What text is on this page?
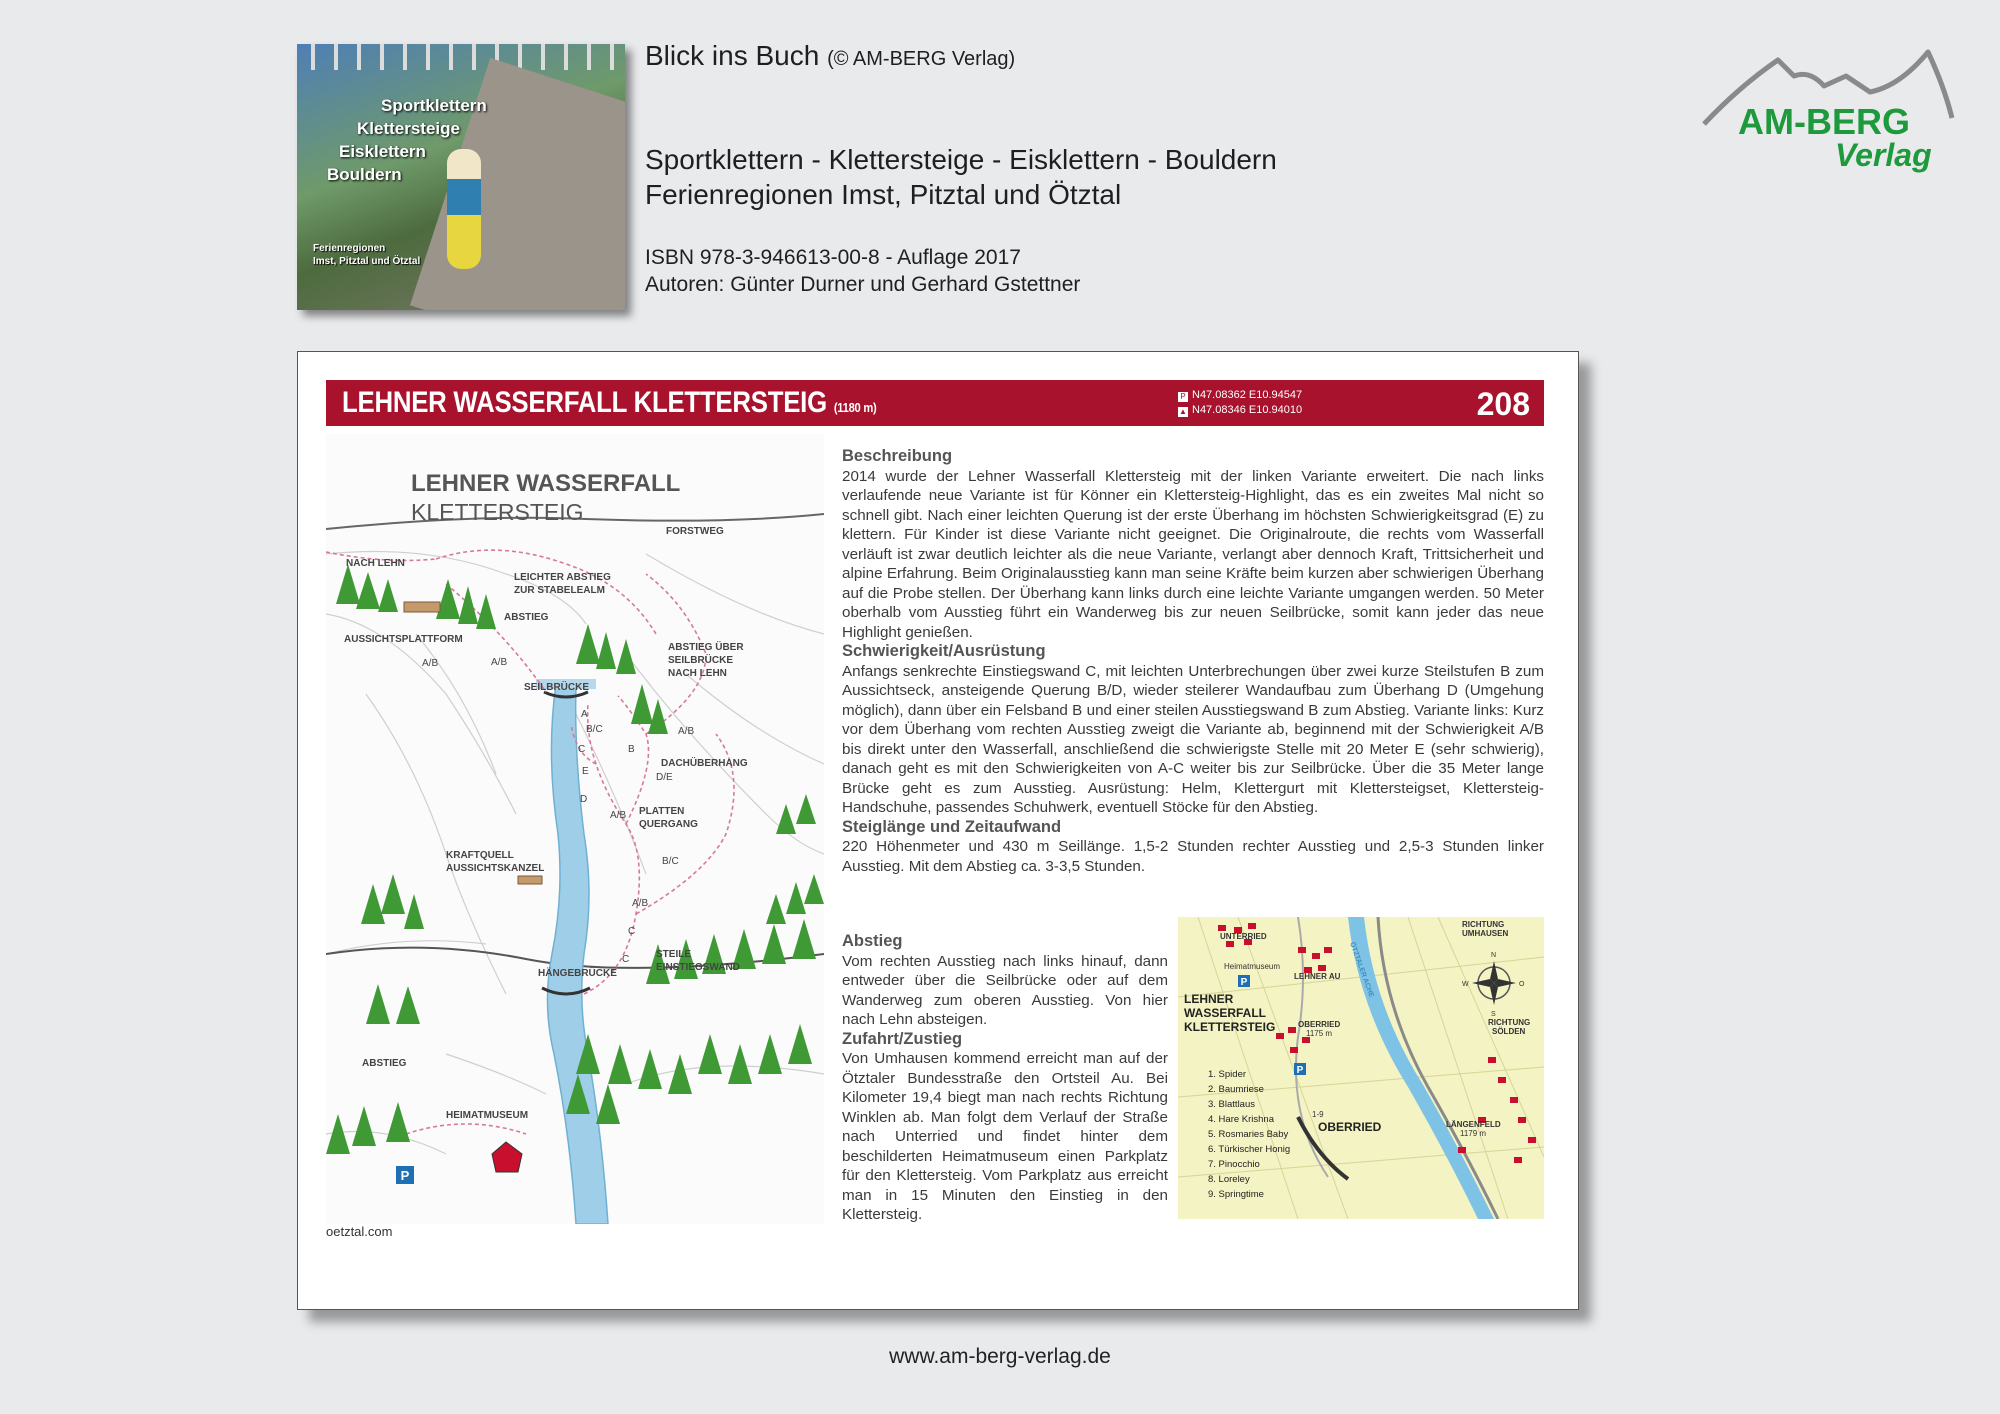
Sportklettern
Klettersteige
Eisklettern
Bouldern
Ferienregionen
Imst, Pitztal und Ötztal
Blick ins Buch (© AM-BERG Verlag)
Sportklettern - Klettersteige - Eisklettern - Bouldern
Ferienregionen Imst, Pitztal und Ötztal
ISBN 978-3-946613-00-8 - Auflage 2017
Autoren: Günter Durner und Gerhard Gstettner
AM-BERG
Verlag
LEHNER WASSERFALL KLETTERSTEIG (1180 m)
P N47.08362 E10.94547
▲ N47.08346 E10.94010	208
P
LEHNER WASSERFALL
KLETTERSTEIG
FORSTWEG
NACH LEHN
LEICHTER ABSTIEG
ZUR STABELEALM
ABSTIEG
AUSSICHTSPLATTFORM
ABSTIEG ÜBER
SEILBRÜCKE
NACH LEHN
SEILBRÜCKE
DACHÜBERHANG
PLATTEN
QUERGANG
KRAFTQUELL
AUSSICHTSKANZEL
STEILE
EINSTIEGSWAND
HÄNGEBRÜCKE
ABSTIEG
HEIMATMUSEUM
A/B
A
B/C
C
E
D
A/B
B
A/B
D/E
B/C
A/B
C
C
A/B
oetztal.com
Beschreibung

2014 wurde der Lehner Wasserfall Klettersteig mit der linken Variante erweitert. Die nach links verlaufende neue Variante ist für Könner ein Klettersteig-Highlight, das es ein zweites Mal nicht so schnell gibt. Nach einer leichten Querung ist der erste Überhang im höchsten Schwierigkeitsgrad (E) zu klettern. Für Kinder ist diese Variante nicht geeignet. Die Originalroute, die rechts vom Wasserfall verläuft ist zwar deutlich leichter als die neue Variante, verlangt aber dennoch Kraft, Trittsicherheit und alpine Erfahrung. Beim Originalausstieg kann man seine Kräfte beim kurzen aber schwierigen Überhang auf die Probe stellen. Der Überhang kann links durch eine leichte Variante umgangen werden. 50 Meter oberhalb vom Ausstieg führt ein Wanderweg bis zur neuen Seilbrücke, somit kann jeder das neue Highlight genießen.

Schwierigkeit/Ausrüstung

Anfangs senkrechte Einstiegswand C, mit leichten Unterbrechungen über zwei kurze Steilstufen B zum Aussichtseck, ansteigende Querung B/D, wieder steilerer Wandaufbau zum Überhang D (Umgehung möglich), dann über ein Felsband B und einer steilen Ausstiegswand B zum Abstieg. Variante links: Kurz vor dem Überhang vom rechten Ausstieg zweigt die Variante ab, beginnend mit der Schwierigkeit A/B bis direkt unter den Wasserfall, anschließend die schwierigste Stelle mit 20 Meter E (sehr schwierig), danach geht es mit den Schwierigkeiten von A-C weiter bis zur Seilbrücke. Über die 35 Meter lange Brücke geht es zum Ausstieg. Ausrüstung: Helm, Klettergurt mit Klettersteigset, Klettersteig-Handschuhe, passendes Schuhwerk, eventuell Stöcke für den Abstieg.

Steiglänge und Zeitaufwand

220 Höhenmeter und 430 m Seillänge. 1,5-2 Stunden rechter Ausstieg und 2,5-3 Stunden linker Ausstieg. Mit dem Abstieg ca. 3-3,5 Stunden.

Abstieg

Vom rechten Ausstieg nach links hinauf, dann entweder über die Seilbrücke oder auf dem Wanderweg zum oberen Ausstieg. Von hier nach Lehn absteigen.

Zufahrt/Zustieg

Von Umhausen kommend erreicht man auf der Ötztaler Bundesstraße den Ortsteil Au. Bei Kilometer 19,4 biegt man nach rechts Richtung Winklen ab. Man folgt dem Verlauf der Straße nach Unterried und findet hinter dem beschilderten Heimatmuseum einen Parkplatz für den Klettersteig. Vom Parkplatz aus erreicht man in 15 Minuten den Einstieg in den Klettersteig.

P
P
N
S
W	O
UNTERRIED
Heimatmuseum
LEHNER AU ÖTZTALER ACHE
RICHTUNG
UMHAUSEN
RICHTUNG
SÖLDEN
OBERRIED
1175 m
LÄNGENFELD
1179 m
1-9
LEHNER
WASSERFALL
KLETTERSTEIG
OBERRIED
1. Spider
2. Baumriese
3. Blattlaus
4. Hare Krishna
5. Rosmaries Baby
6. Türkischer Honig
7. Pinocchio
8. Loreley
9. Springtime
www.am-berg-verlag.de
